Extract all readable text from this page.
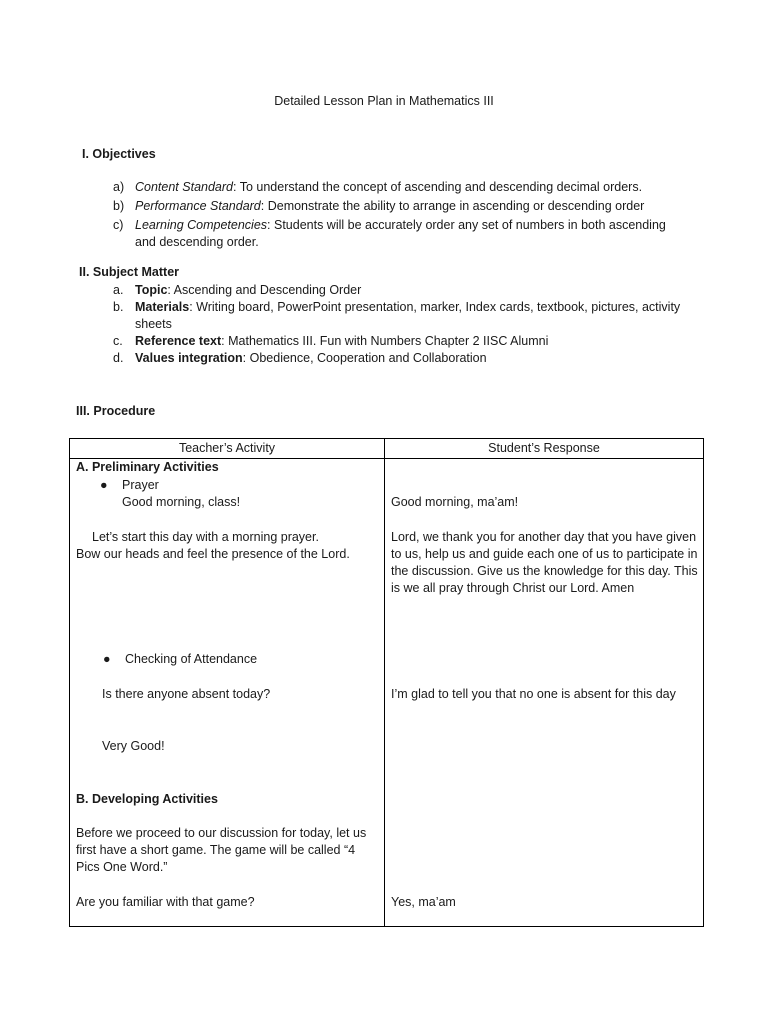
Detailed Lesson Plan in Mathematics III
I. Objectives
a) Content Standard: To understand the concept of ascending and descending decimal orders.
b) Performance Standard: Demonstrate the ability to arrange in ascending or descending order
c) Learning Competencies: Students will be accurately order any set of numbers in both ascending and descending order.
II. Subject Matter
a. Topic: Ascending and Descending Order
b. Materials: Writing board, PowerPoint presentation, marker, Index cards, textbook, pictures, activity sheets
c. Reference text: Mathematics III. Fun with Numbers Chapter 2 IISC Alumni
d. Values integration: Obedience, Cooperation and Collaboration
III. Procedure
Teacher’s Activity	Student’s Response
A. Preliminary Activities
● Prayer
Good morning, class!
Let’s start this day with a morning prayer.
Bow our heads and feel the presence of the Lord.
● Checking of Attendance
Is there anyone absent today?
Very Good!
B. Developing Activities
Before we proceed to our discussion for today, let us first have a short game. The game will be called “4 Pics One Word.”
Are you familiar with that game?
Good morning, ma’am!
Lord, we thank you for another day that you have given to us, help us and guide each one of us to participate in the discussion. Give us the knowledge for this day. This is we all pray through Christ our Lord. Amen
I’m glad to tell you that no one is absent for this day
Yes, ma’am
